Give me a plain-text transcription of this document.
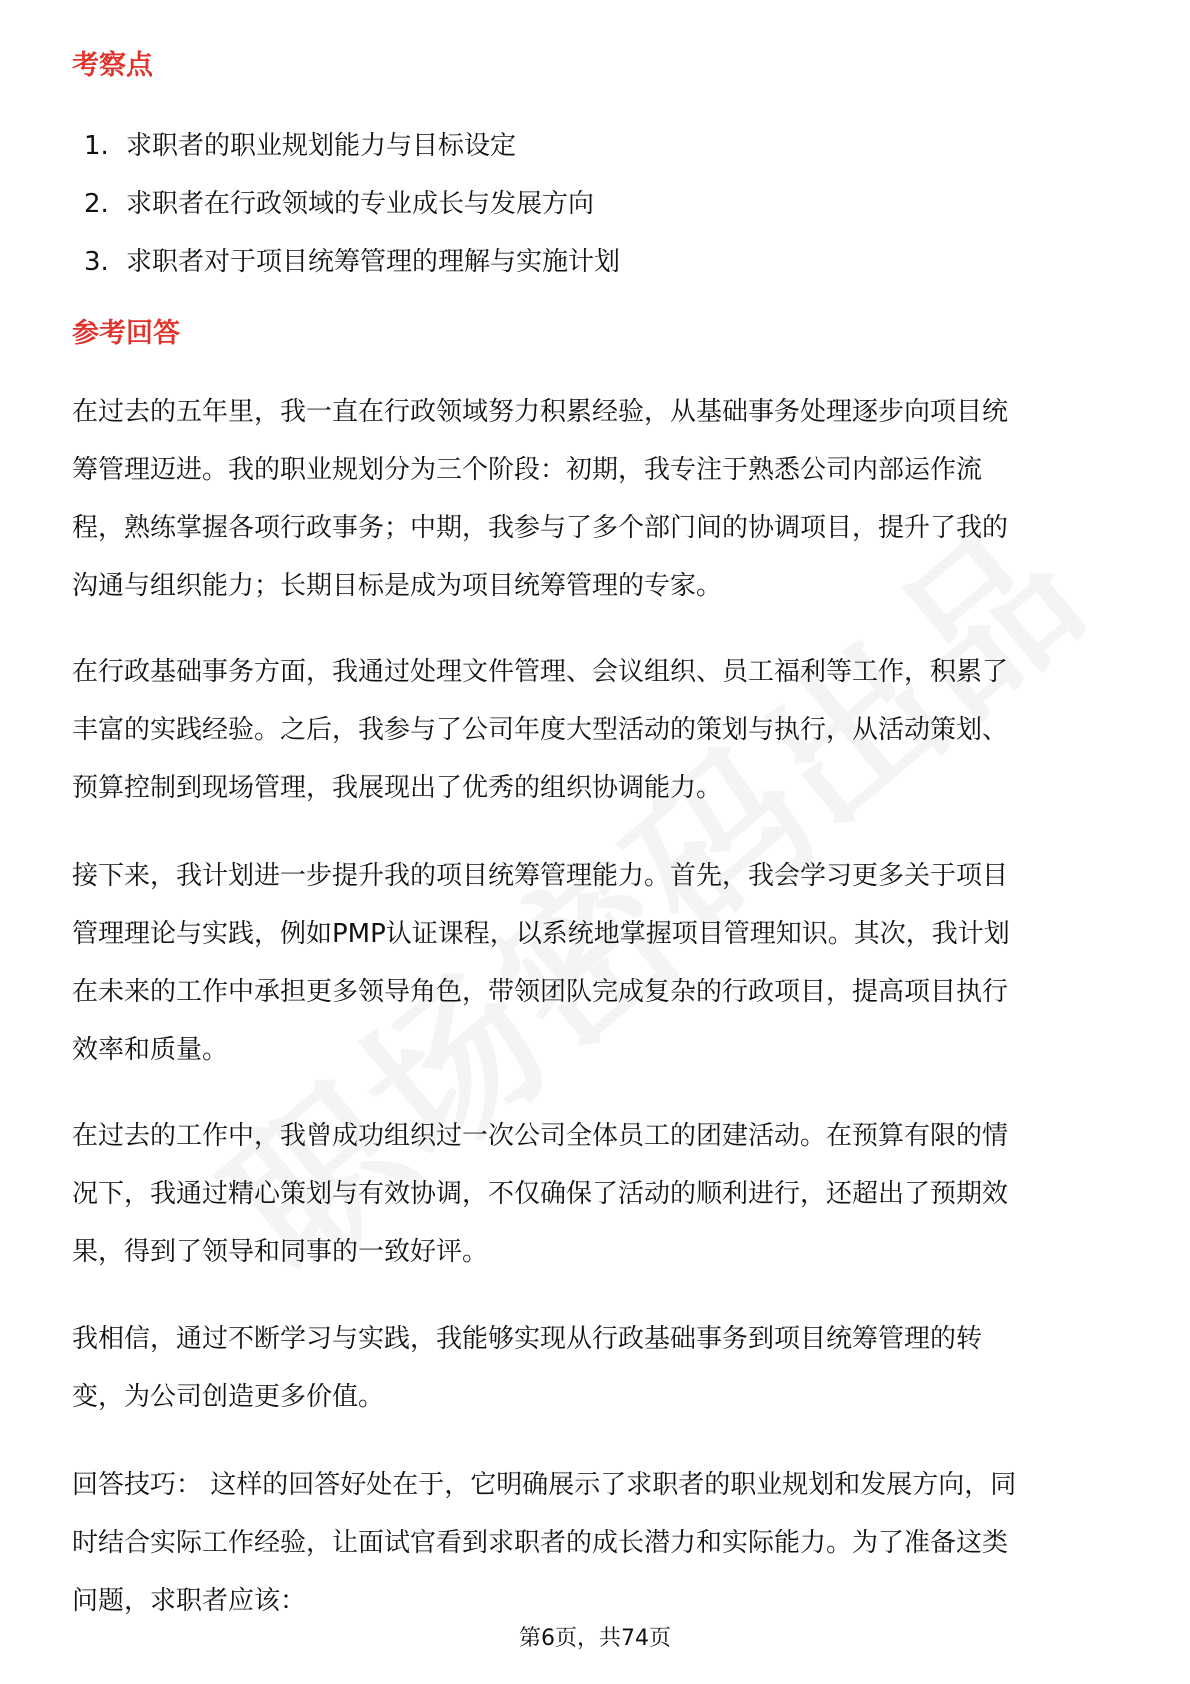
考察点
1. 求职者的职业规划能力与目标设定
2. 求职者在行政领域的专业成长与发展方向
3. 求职者对于项目统筹管理的理解与实施计划
参考回答

在过去的五年里，我一直在行政领域努力积累经验，从基础事务处理逐步向项目统
筹管理迈进。我的职业规划分为三个阶段：初期，我专注于熟悉公司内部运作流
程，熟练掌握各项行政事务；中期，我参与了多个部门间的协调项目，提升了我的
沟通与组织能力；长期目标是成为项目统筹管理的专家。

在行政基础事务方面，我通过处理文件管理、会议组织、员工福利等工作，积累了
丰富的实践经验。之后，我参与了公司年度大型活动的策划与执行，从活动策划、
预算控制到现场管理，我展现出了优秀的组织协调能力。

接下来，我计划进一步提升我的项目统筹管理能力。首先，我会学习更多关于项目
管理理论与实践，例如PMP认证课程，以系统地掌握项目管理知识。其次，我计划
在未来的工作中承担更多领导角色，带领团队完成复杂的行政项目，提高项目执行
效率和质量。

在过去的工作中，我曾成功组织过一次公司全体员工的团建活动。在预算有限的情
况下，我通过精心策划与有效协调，不仅确保了活动的顺利进行，还超出了预期效
果，得到了领导和同事的一致好评。

我相信，通过不断学习与实践，我能够实现从行政基础事务到项目统筹管理的转
变，为公司创造更多价值。

回答技巧： 这样的回答好处在于，它明确展示了求职者的职业规划和发展方向，同
时结合实际工作经验，让面试官看到求职者的成长潜力和实际能力。为了准备这类
问题，求职者应该：

第6页，共74页
